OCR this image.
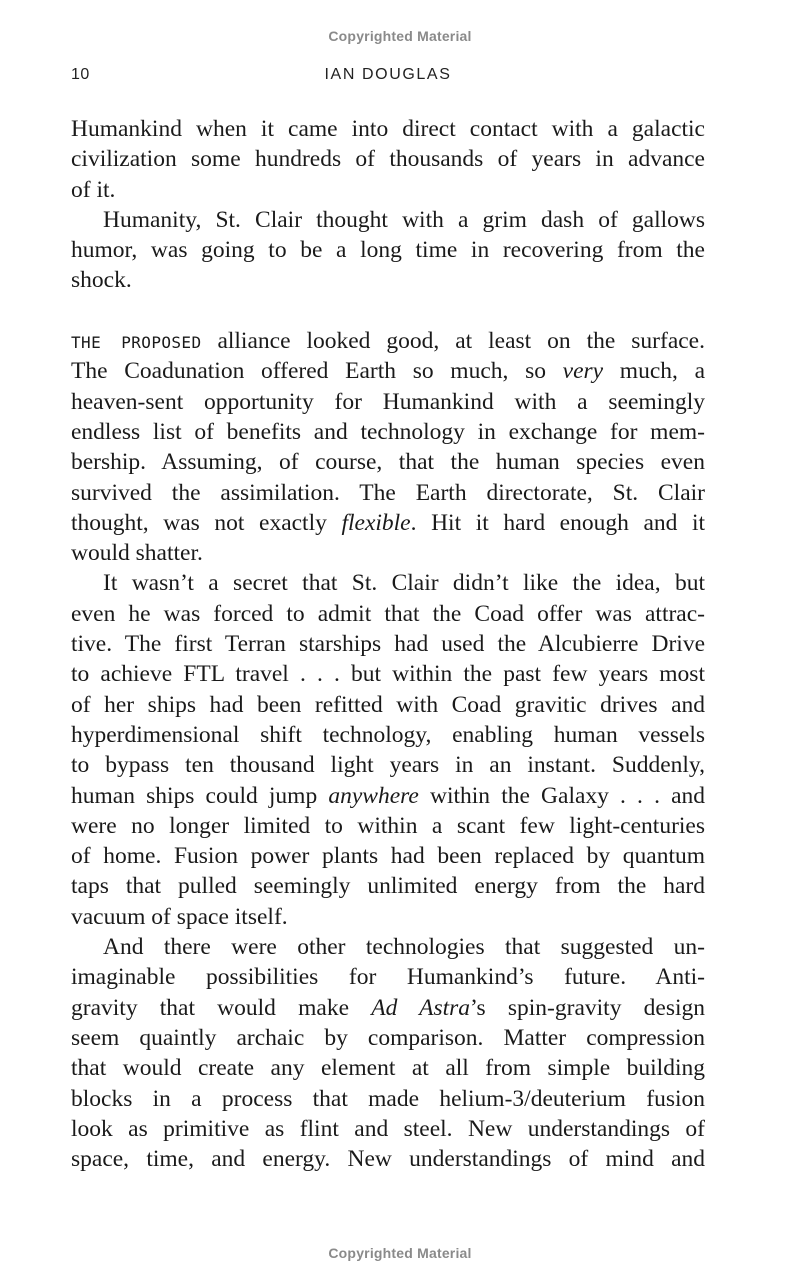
Copyrighted Material
10	IAN DOUGLAS
Humankind when it came into direct contact with a galactic
civilization some hundreds of thousands of years in advance
of it.
Humanity, St. Clair thought with a grim dash of gallows
humor, was going to be a long time in recovering from the
shock.
THE PROPOSED alliance looked good, at least on the surface.
The Coadunation offered Earth so much, so very much, a
heaven-sent opportunity for Humankind with a seemingly
endless list of benefits and technology in exchange for mem-
bership. Assuming, of course, that the human species even
survived the assimilation. The Earth directorate, St. Clair
thought, was not exactly flexible. Hit it hard enough and it
would shatter.
It wasn’t a secret that St. Clair didn’t like the idea, but
even he was forced to admit that the Coad offer was attrac-
tive. The first Terran starships had used the Alcubierre Drive
to achieve FTL travel . . . but within the past few years most
of her ships had been refitted with Coad gravitic drives and
hyperdimensional shift technology, enabling human vessels
to bypass ten thousand light years in an instant. Suddenly,
human ships could jump anywhere within the Galaxy . . . and
were no longer limited to within a scant few light-centuries
of home. Fusion power plants had been replaced by quantum
taps that pulled seemingly unlimited energy from the hard
vacuum of space itself.
And there were other technologies that suggested un-
imaginable possibilities for Humankind’s future. Anti-
gravity that would make Ad Astra’s spin-gravity design
seem quaintly archaic by comparison. Matter compression
that would create any element at all from simple building
blocks in a process that made helium-3/deuterium fusion
look as primitive as flint and steel. New understandings of
space, time, and energy. New understandings of mind and
Copyrighted Material
